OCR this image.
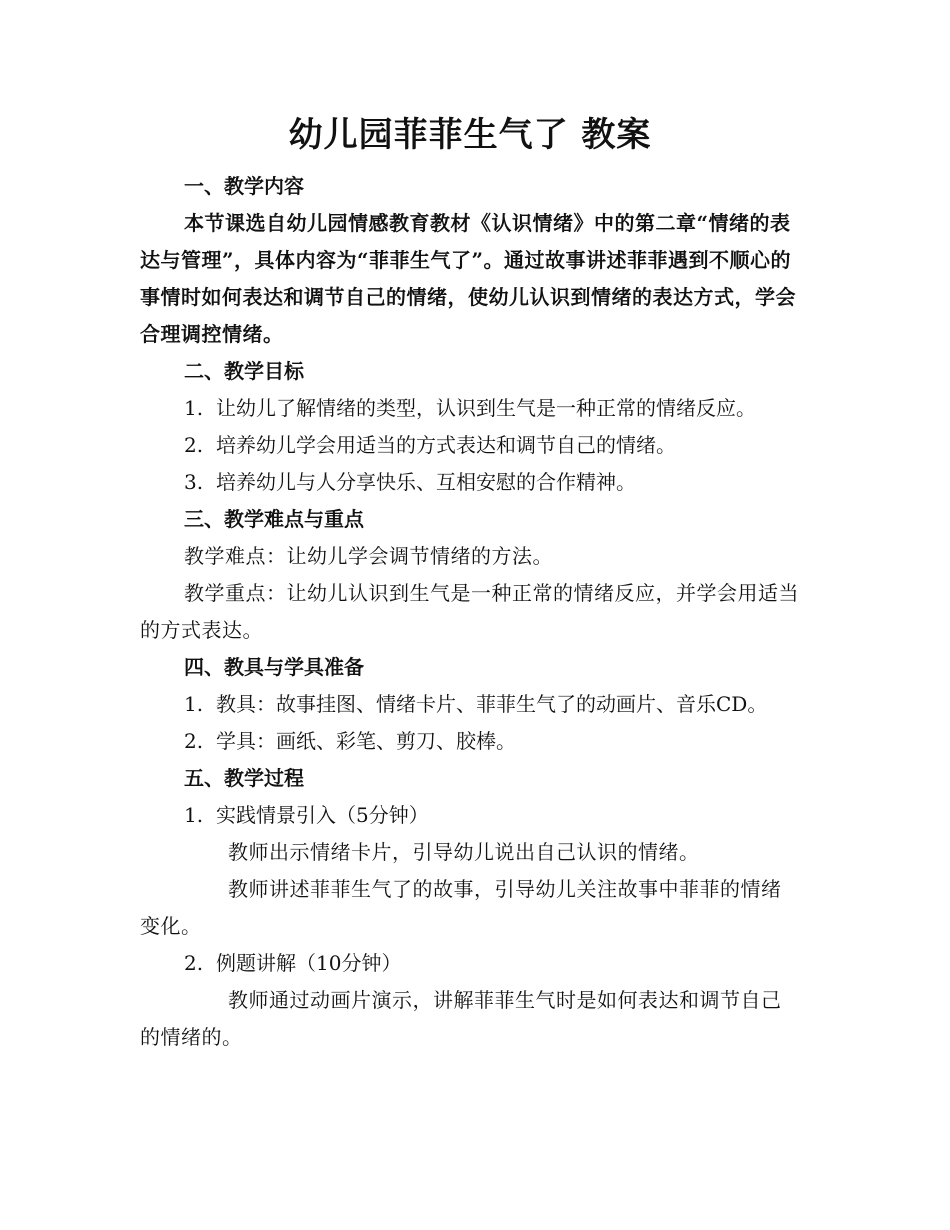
幼儿园菲菲生气了 教案

一、教学内容

本节课选自幼儿园情感教育教材《认识情绪》中的第二章“情绪的表达与管理”，具体内容为“菲菲生气了”。通过故事讲述菲菲遇到不顺心的事情时如何表达和调节自己的情绪，使幼儿认识到情绪的表达方式，学会合理调控情绪。

二、教学目标

1. 让幼儿了解情绪的类型，认识到生气是一种正常的情绪反应。

2. 培养幼儿学会用适当的方式表达和调节自己的情绪。

3. 培养幼儿与人分享快乐、互相安慰的合作精神。

三、教学难点与重点

教学难点：让幼儿学会调节情绪的方法。

教学重点：让幼儿认识到生气是一种正常的情绪反应，并学会用适当的方式表达。

四、教具与学具准备

1. 教具：故事挂图、情绪卡片、菲菲生气了的动画片、音乐CD。

2. 学具：画纸、彩笔、剪刀、胶棒。

五、教学过程

1. 实践情景引入（5分钟）

教师出示情绪卡片，引导幼儿说出自己认识的情绪。

教师讲述菲菲生气了的故事，引导幼儿关注故事中菲菲的情绪变化。

2. 例题讲解（10分钟）

教师通过动画片演示，讲解菲菲生气时是如何表达和调节自己的情绪的。
